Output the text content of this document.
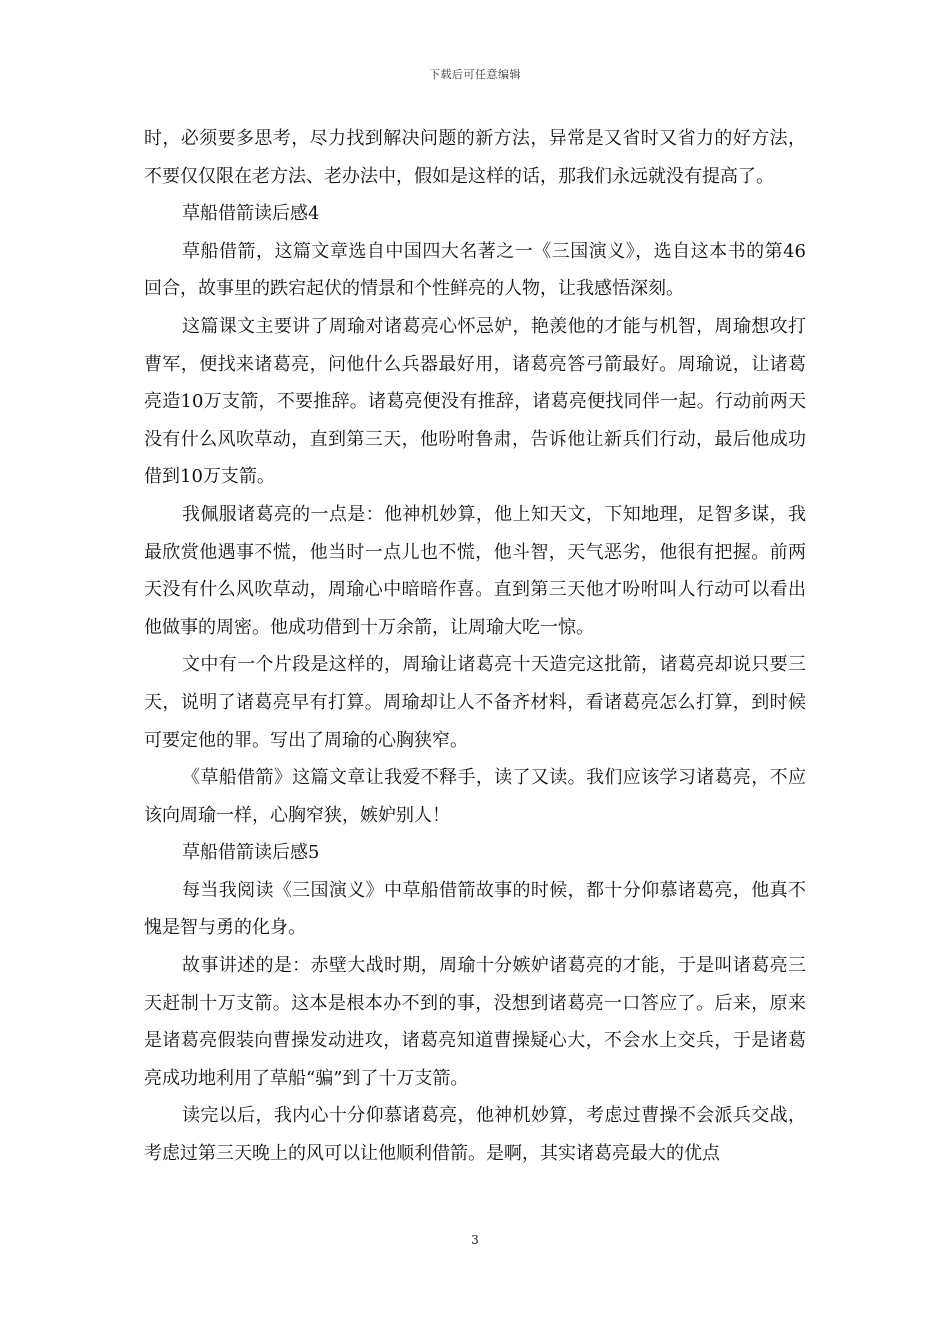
下载后可任意编辑

时，必须要多思考，尽力找到解决问题的新方法，异常是又省时又省力的好方法，不要仅仅限在老方法、老办法中，假如是这样的话，那我们永远就没有提高了。

草船借箭读后感4

草船借箭，这篇文章选自中国四大名著之一《三国演义》，选自这本书的第46回合，故事里的跌宕起伏的情景和个性鲜亮的人物，让我感悟深刻。

这篇课文主要讲了周瑜对诸葛亮心怀忌妒，艳羡他的才能与机智，周瑜想攻打曹军，便找来诸葛亮，问他什么兵器最好用，诸葛亮答弓箭最好。周瑜说，让诸葛亮造10万支箭，不要推辞。诸葛亮便没有推辞，诸葛亮便找同伴一起。行动前两天没有什么风吹草动，直到第三天，他吩咐鲁肃，告诉他让新兵们行动，最后他成功借到10万支箭。

我佩服诸葛亮的一点是：他神机妙算，他上知天文，下知地理，足智多谋，我最欣赏他遇事不慌，他当时一点儿也不慌，他斗智，天气恶劣，他很有把握。前两天没有什么风吹草动，周瑜心中暗暗作喜。直到第三天他才吩咐叫人行动可以看出他做事的周密。他成功借到十万余箭，让周瑜大吃一惊。

文中有一个片段是这样的，周瑜让诸葛亮十天造完这批箭，诸葛亮却说只要三天，说明了诸葛亮早有打算。周瑜却让人不备齐材料，看诸葛亮怎么打算，到时候可要定他的罪。写出了周瑜的心胸狭窄。

《草船借箭》这篇文章让我爱不释手，读了又读。我们应该学习诸葛亮，不应该向周瑜一样，心胸窄狭，嫉妒别人！

草船借箭读后感5

每当我阅读《三国演义》中草船借箭故事的时候，都十分仰慕诸葛亮，他真不愧是智与勇的化身。

故事讲述的是：赤壁大战时期，周瑜十分嫉妒诸葛亮的才能，于是叫诸葛亮三天赶制十万支箭。这本是根本办不到的事，没想到诸葛亮一口答应了。后来，原来是诸葛亮假装向曹操发动进攻，诸葛亮知道曹操疑心大，不会水上交兵，于是诸葛亮成功地利用了草船“骗”到了十万支箭。

读完以后，我内心十分仰慕诸葛亮，他神机妙算，考虑过曹操不会派兵交战，考虑过第三天晚上的风可以让他顺利借箭。是啊，其实诸葛亮最大的优点

3
